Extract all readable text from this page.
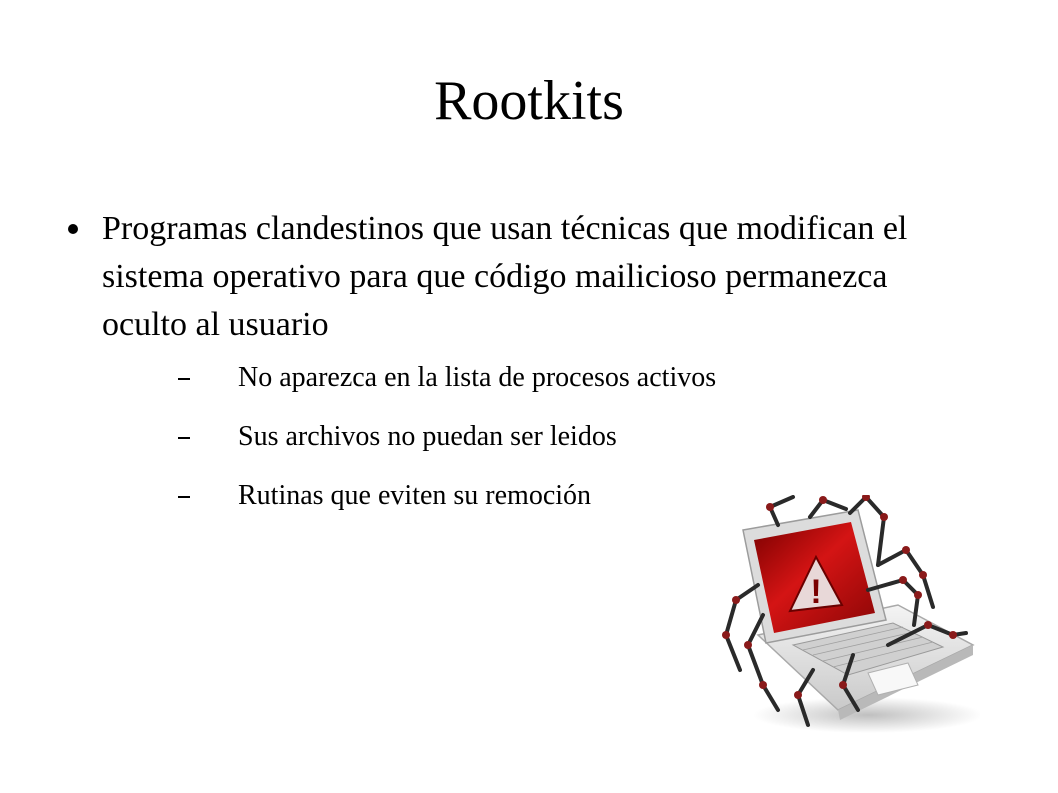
Rootkits
Programas clandestinos que usan técnicas que modifican el sistema operativo para que código mailicioso permanezca oculto al usuario
No aparezca en la lista de procesos activos
Sus archivos no puedan ser leidos
Rutinas que eviten su remoción
!
